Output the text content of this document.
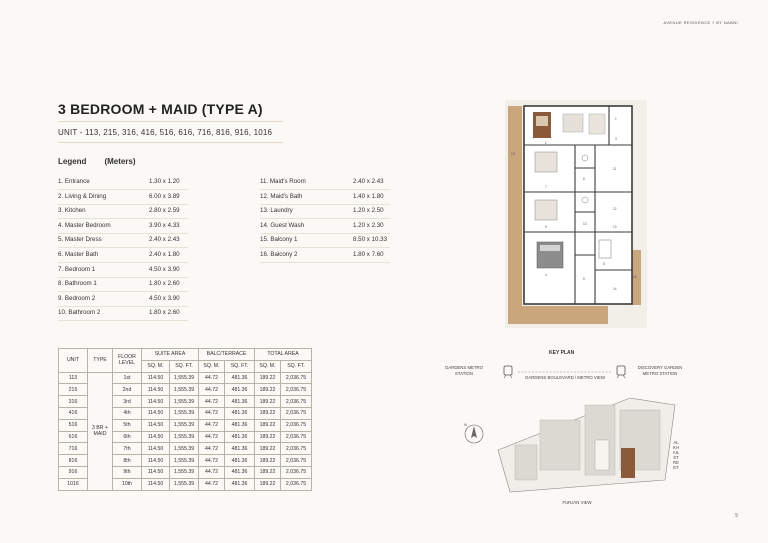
AVENUE RESIDENCE 7 BY NABNI
3 BEDROOM + MAID (TYPE A)
UNIT - 113, 215, 316, 416, 516, 616, 716, 816, 916, 1016
Legend (Meters)
1. Entrance	1.30 x 1.20
2. Living & Dining	6.00 x 3.89
3. Kitchen	2.80 x 2.59
4. Master Bedroom	3.90 x 4.33
5. Master Dress	2.40 x 2.43
6. Master Bath	2.40 x 1.80
7. Bedroom 1	4.50 x 3.90
8. Bathroom 1	1.80 x 2.60
9. Bedroom 2	4.50 x 3.90
10. Bathroom 2	1.80 x 2.60
11. Maid's Room	2.40 x 2.43
12. Maid's Bath	1.40 x 1.80
13. Laundry	1.20 x 2.50
14. Guest Wash	1.20 x 2.30
15. Balcony 1	8.50 x 10.33
16. Balcony 2	1.80 x 7.60
UNIT	TYPE	FLOOR LEVEL	SUITE AREA		BALC/TERRACE		TOTAL AREA	
			SQ. M.	SQ. FT.	SQ. M.	SQ. FT.	SQ. M.	SQ. FT.
113	3 BR + MAID	1st	114.50	1,555.39	44.72	481.36	189.22	2,036.75
215		2nd	114.50	1,555.39	44.72	481.36	189.22	2,036.75
316		3rd	114.50	1,555.39	44.72	481.36	189.22	2,036.75
416		4th	114.50	1,555.39	44.72	481.36	189.22	2,036.75
516		5th	114.50	1,555.39	44.72	481.36	189.22	2,036.75
616		6th	114.50	1,555.39	44.72	481.36	189.22	2,036.75
716		7th	114.50	1,555.39	44.72	481.36	189.22	2,036.75
816		8th	114.50	1,555.39	44.72	481.36	189.22	2,036.75
916		9th	114.50	1,555.39	44.72	481.36	189.22	2,036.75
1016		10th	114.50	1,555.39	44.72	481.36	189.22	2,036.75
2
3
1
4
5
6
7
8
9
10
11
12
13
14
15
16
KEY PLAN
GARDENS METRO STATION
GARDENS BOULEVARD / METRO VIEW
DISCOVERY GARDEN METRO STATION
FURJAN VIEW
AL KHAIL STREET
N
5
